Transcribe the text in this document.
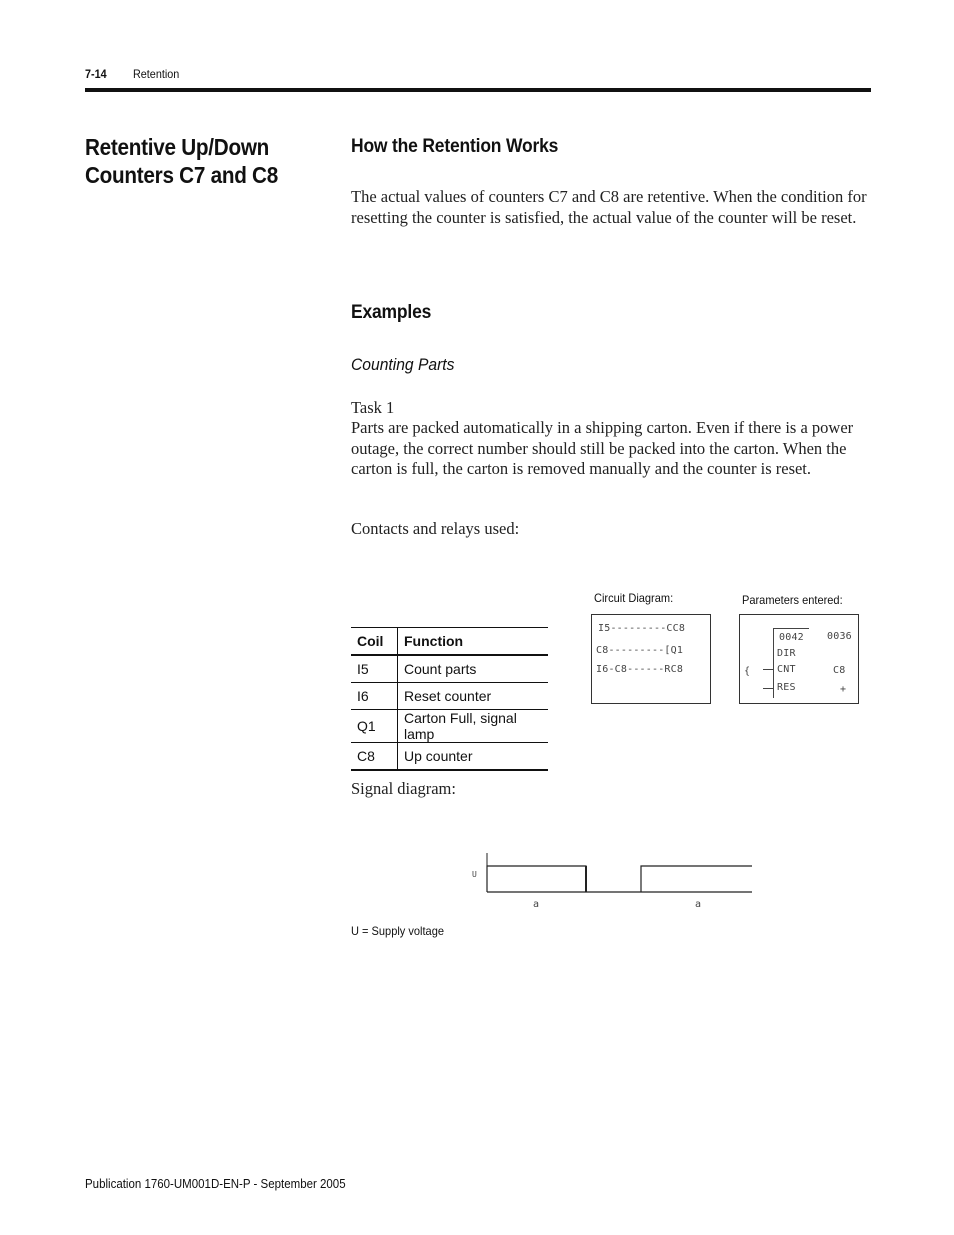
7-14 Retention
Retentive Up/Down Counters C7 and C8
How the Retention Works
The actual values of counters C7 and C8 are retentive. When the condition for resetting the counter is satisfied, the actual value of the counter will be reset.
Examples
Counting Parts
Task 1
Parts are packed automatically in a shipping carton. Even if there is a power outage, the correct number should still be packed into the carton. When the carton is full, the carton is removed manually and the counter is reset.
Contacts and relays used:
Coil	Function
I5	Count parts
I6	Reset counter
Q1	Carton Full, signal lamp
C8	Up counter
Circuit Diagram:
I5---------CC8
C8---------[Q1
I6-C8------RC8
Parameters entered:
0042 0036
DIR
CNT
RES
{	C8
+
Signal diagram:
U
a	a
U = Supply voltage
Publication 1760-UM001D-EN-P - September 2005
